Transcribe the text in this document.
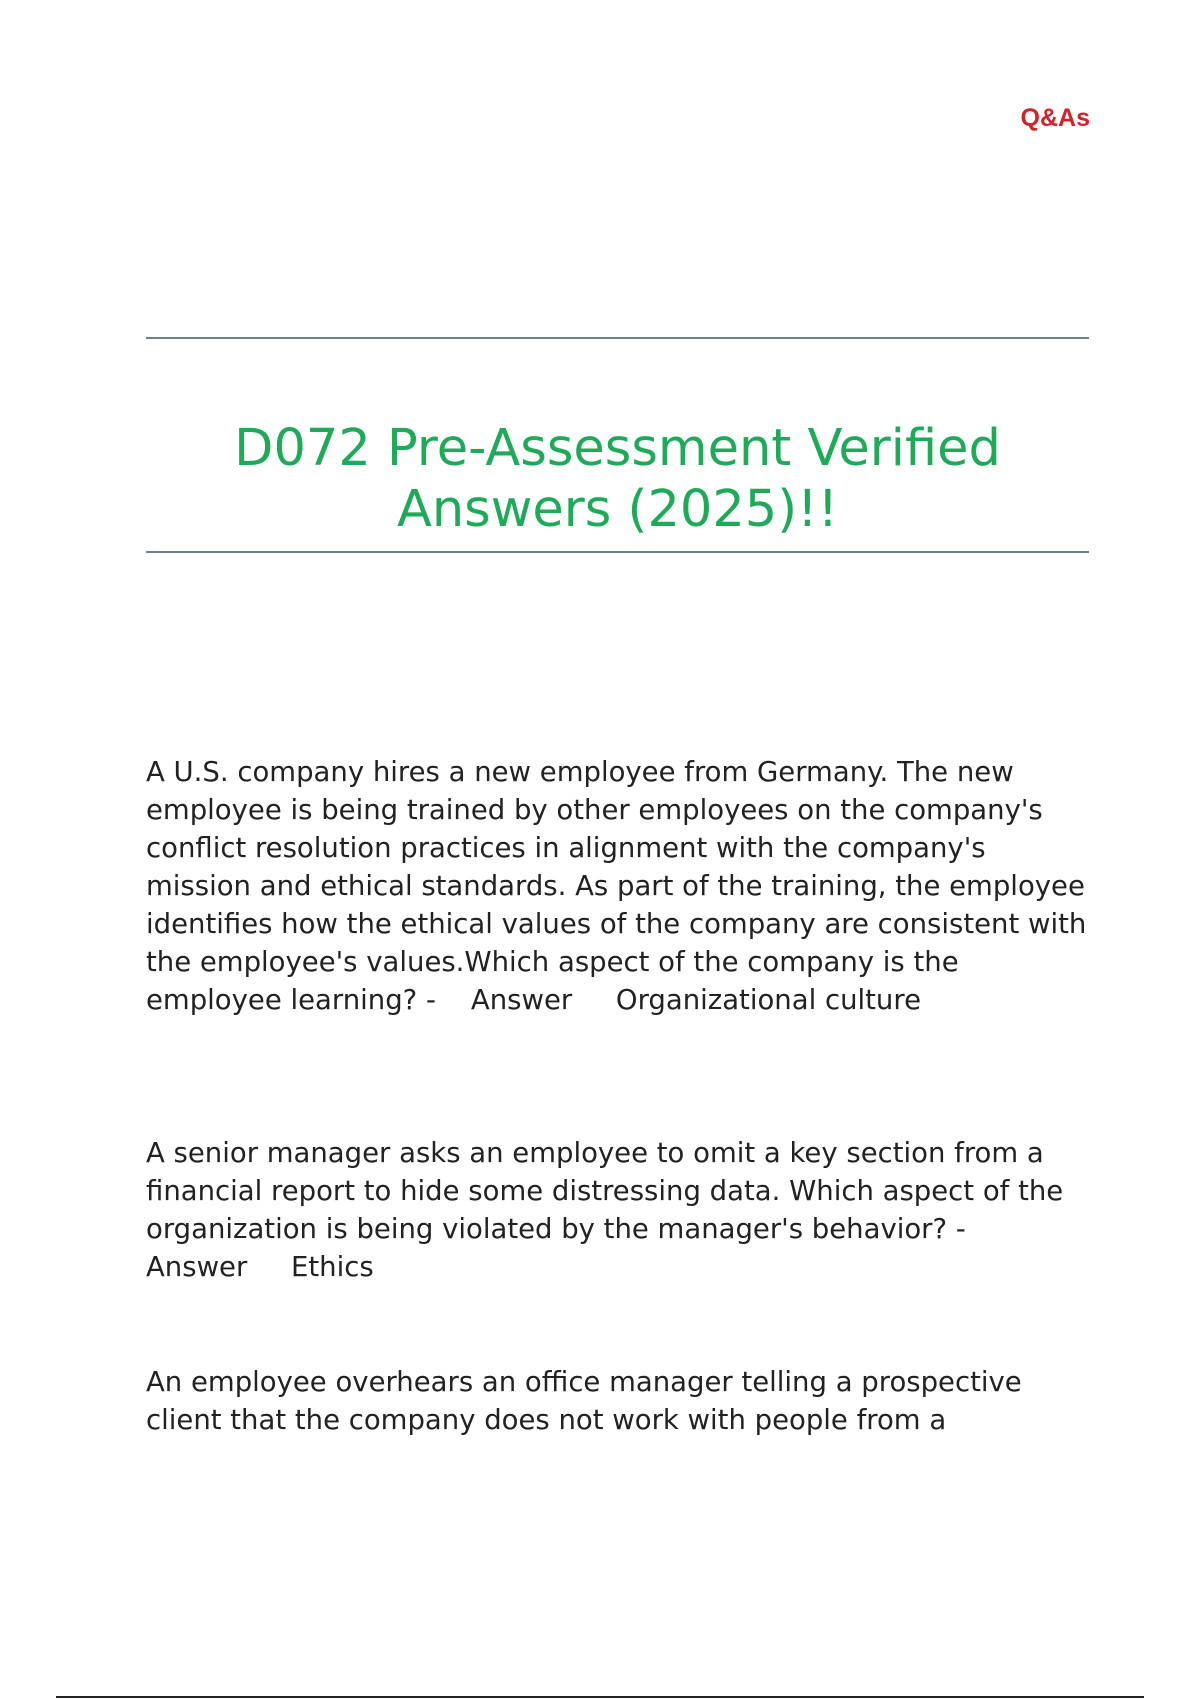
Q&As
D072 Pre-Assessment Verified Answers (2025)!!

A U.S. company hires a new employee from Germany. The new employee is being trained by other employees on the company's conflict resolution practices in alignment with the company's mission and ethical standards. As part of the training, the employee identifies how the ethical values of the company are consistent with the employee's values.Which aspect of the company is the employee learning? - Answer Organizational culture

A senior manager asks an employee to omit a key section from a financial report to hide some distressing data. Which aspect of the organization is being violated by the manager's behavior? - Answer Ethics

An employee overhears an office manager telling a prospective client that the company does not work with people from a
